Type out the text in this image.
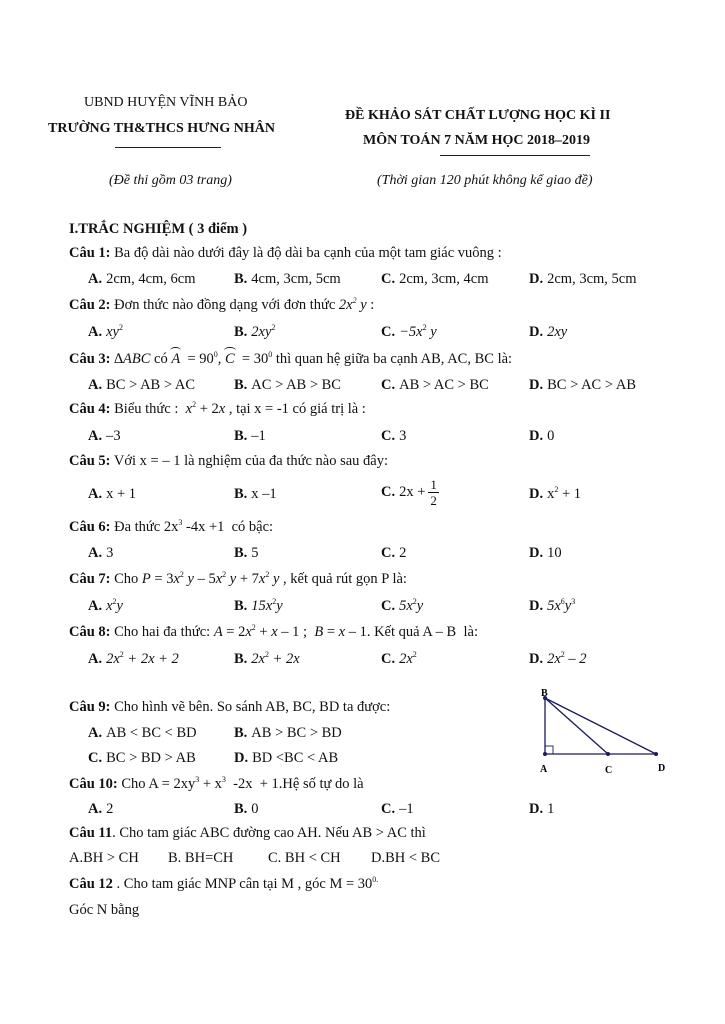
UBND HUYỆN VĨNH BẢO
TRƯỜNG TH&THCS HƯNG NHÂN
(Đề thi gồm 03 trang)
ĐỀ KHẢO SÁT CHẤT LƯỢNG HỌC KÌ II
MÔN TOÁN 7 NĂM HỌC 2018–2019
(Thời gian 120 phút không kể giao đề)
I.TRẮC NGHIỆM ( 3 điểm )
Câu 1: Ba độ dài nào dưới đây là độ dài ba cạnh của một tam giác vuông :
A. 2cm, 4cm, 6cm	B. 4cm, 3cm, 5cm	C. 2cm, 3cm, 4cm	D. 2cm, 3cm, 5cm
Câu 2: Đơn thức nào đồng dạng với đơn thức $2x^2$ y :
A. $xy^2$	B. $2xy^2$	C. $-5x^2$ y	D. 2xy
Câu 3: ∆ABC có $A = 90^0$, $C = 30^0$ thì quan hệ giữa ba cạnh AB, AC, BC là:
A. BC > AB > AC	B. AC > AB > BC	C. AB > AC > BC	D. BC > AC > AB
Câu 4: Biểu thức : $x^2 + 2x$ , tại x = -1 có giá trị là :
A. –3	B. –1	C. 3	D. 0
Câu 5: Với x = – 1 là nghiệm của đa thức nào sau đây:
A. x + 1	B. x –1	C. $2x + \frac{1}{2}$	D. $x^2 + 1$
Câu 6: Đa thức $2x^3$ -4x +1  có bậc:
A. 3	B. 5	C. 2	D. 10
Câu 7: Cho $P = 3x^2$ y – $5x^2$ $y + 7x^2$ y , kết quả rút gọn P là:
A. $x^2y$	B. $15x^2y$	C. $5x^2y$	D. $5x^6y^3$
Câu 8: Cho hai đa thức: $A = 2x^2 + x - 1$ ;  B = x – 1. Kết quả A – B  là:
A. $2x^2 + 2x + 2$	B. $2x^2 + 2x$	C. $2x^2$	D. $2x^2 - 2$
Câu 9: Cho hình vẽ bên. So sánh AB, BC, BD ta được:
A. AB < BC < BD	B. AB > BC > BD
C. BC > BD > AB	D. BD <BC < AB
B
A	C	D
Câu 10: Cho $A = 2xy^3 + x^3$  -2x  + 1.Hệ số tự do là
A. 2	B. 0	C. –1	D. 1
Câu 11. Cho tam giác ABC đường cao AH. Nếu AB > AC thì
A.BH > CH B. BH=CH C. BH < CH D.BH < BC
Câu 12 . Cho tam giác MNP cân tại M , góc $M = 30^{0.}$
Góc N bằng
